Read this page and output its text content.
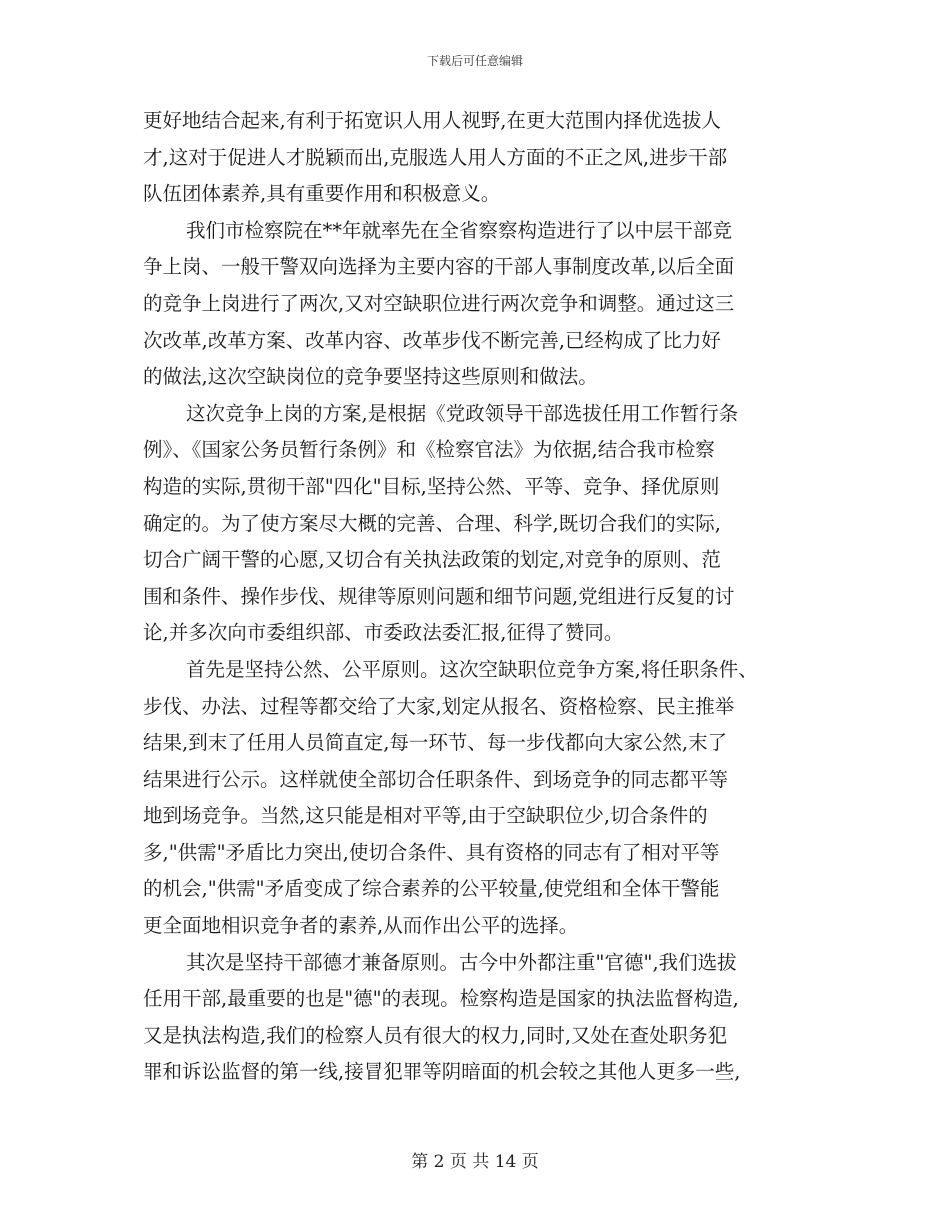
下载后可任意编辑
更好地结合起来,有利于拓宽识人用人视野,在更大范围内择优选拔人
才,这对于促进人才脱颖而出,克服选人用人方面的不正之风,进步干部
队伍团体素养,具有重要作用和积极意义。
我们市检察院在**年就率先在全省察察构造进行了以中层干部竞
争上岗、一般干警双向选择为主要内容的干部人事制度改革,以后全面
的竞争上岗进行了两次,又对空缺职位进行两次竞争和调整。通过这三
次改革,改革方案、改革内容、改革步伐不断完善,已经构成了比力好
的做法,这次空缺岗位的竞争要坚持这些原则和做法。
这次竞争上岗的方案,是根据《党政领导干部选拔任用工作暂行条
例》、《国家公务员暂行条例》和《检察官法》为依据,结合我市检察
构造的实际,贯彻干部"四化"目标,坚持公然、平等、竞争、择优原则
确定的。为了使方案尽大概的完善、合理、科学,既切合我们的实际,
切合广阔干警的心愿,又切合有关执法政策的划定,对竞争的原则、范
围和条件、操作步伐、规律等原则问题和细节问题,党组进行反复的讨
论,并多次向市委组织部、市委政法委汇报,征得了赞同。
首先是坚持公然、公平原则。这次空缺职位竞争方案,将任职条件、
步伐、办法、过程等都交给了大家,划定从报名、资格检察、民主推举
结果,到末了任用人员简直定,每一环节、每一步伐都向大家公然,末了
结果进行公示。这样就使全部切合任职条件、到场竞争的同志都平等
地到场竞争。当然,这只能是相对平等,由于空缺职位少,切合条件的
多,"供需"矛盾比力突出,使切合条件、具有资格的同志有了相对平等
的机会,"供需"矛盾变成了综合素养的公平较量,使党组和全体干警能
更全面地相识竞争者的素养,从而作出公平的选择。
其次是坚持干部德才兼备原则。古今中外都注重"官德",我们选拔
任用干部,最重要的也是"德"的表现。检察构造是国家的执法监督构造,
又是执法构造,我们的检察人员有很大的权力,同时,又处在查处职务犯
罪和诉讼监督的第一线,接冒犯罪等阴暗面的机会较之其他人更多一些,
第 2 页 共 14 页
